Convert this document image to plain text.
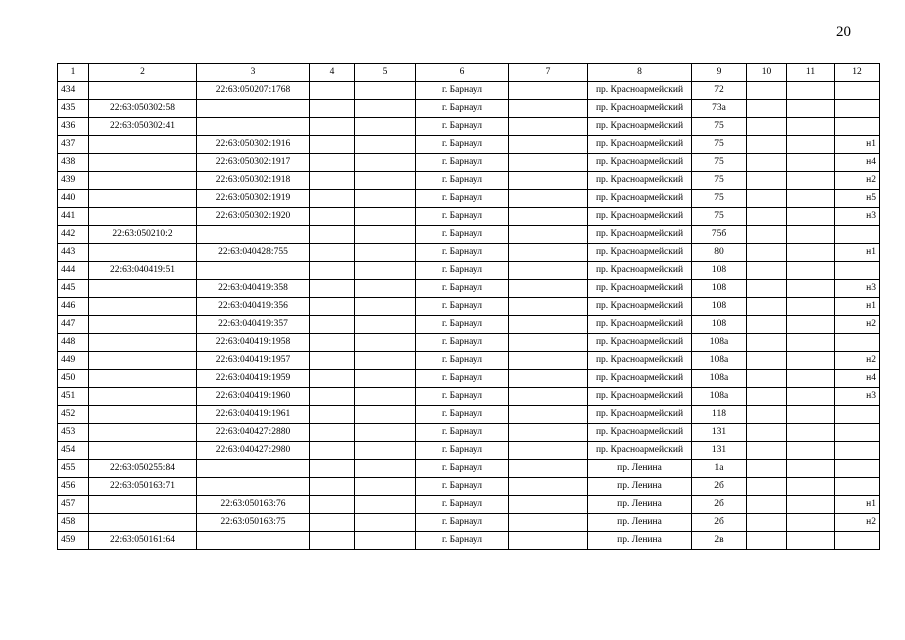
20
1	2	3	4	5	6	7	8	9	10	11	12
434		22:63:050207:1768			г. Барнаул		пр. Красноармейский	72			
435	22:63:050302:58				г. Барнаул		пр. Красноармейский	73а			
436	22:63:050302:41				г. Барнаул		пр. Красноармейский	75			
437		22:63:050302:1916			г. Барнаул		пр. Красноармейский	75			н1
438		22:63:050302:1917			г. Барнаул		пр. Красноармейский	75			н4
439		22:63:050302:1918			г. Барнаул		пр. Красноармейский	75			н2
440		22:63:050302:1919			г. Барнаул		пр. Красноармейский	75			н5
441		22:63:050302:1920			г. Барнаул		пр. Красноармейский	75			н3
442	22:63:050210:2				г. Барнаул		пр. Красноармейский	75б			
443		22:63:040428:755			г. Барнаул		пр. Красноармейский	80			н1
444	22:63:040419:51				г. Барнаул		пр. Красноармейский	108			
445		22:63:040419:358			г. Барнаул		пр. Красноармейский	108			н3
446		22:63:040419:356			г. Барнаул		пр. Красноармейский	108			н1
447		22:63:040419:357			г. Барнаул		пр. Красноармейский	108			н2
448		22:63:040419:1958			г. Барнаул		пр. Красноармейский	108а			
449		22:63:040419:1957			г. Барнаул		пр. Красноармейский	108а			н2
450		22:63:040419:1959			г. Барнаул		пр. Красноармейский	108а			н4
451		22:63:040419:1960			г. Барнаул		пр. Красноармейский	108а			н3
452		22:63:040419:1961			г. Барнаул		пр. Красноармейский	118			
453		22:63:040427:2880			г. Барнаул		пр. Красноармейский	131			
454		22:63:040427:2980			г. Барнаул		пр. Красноармейский	131			
455	22:63:050255:84				г. Барнаул		пр. Ленина	1а			
456	22:63:050163:71				г. Барнаул		пр. Ленина	2б			
457		22:63:050163:76			г. Барнаул		пр. Ленина	2б			н1
458		22:63:050163:75			г. Барнаул		пр. Ленина	2б			н2
459	22:63:050161:64				г. Барнаул		пр. Ленина	2в			
